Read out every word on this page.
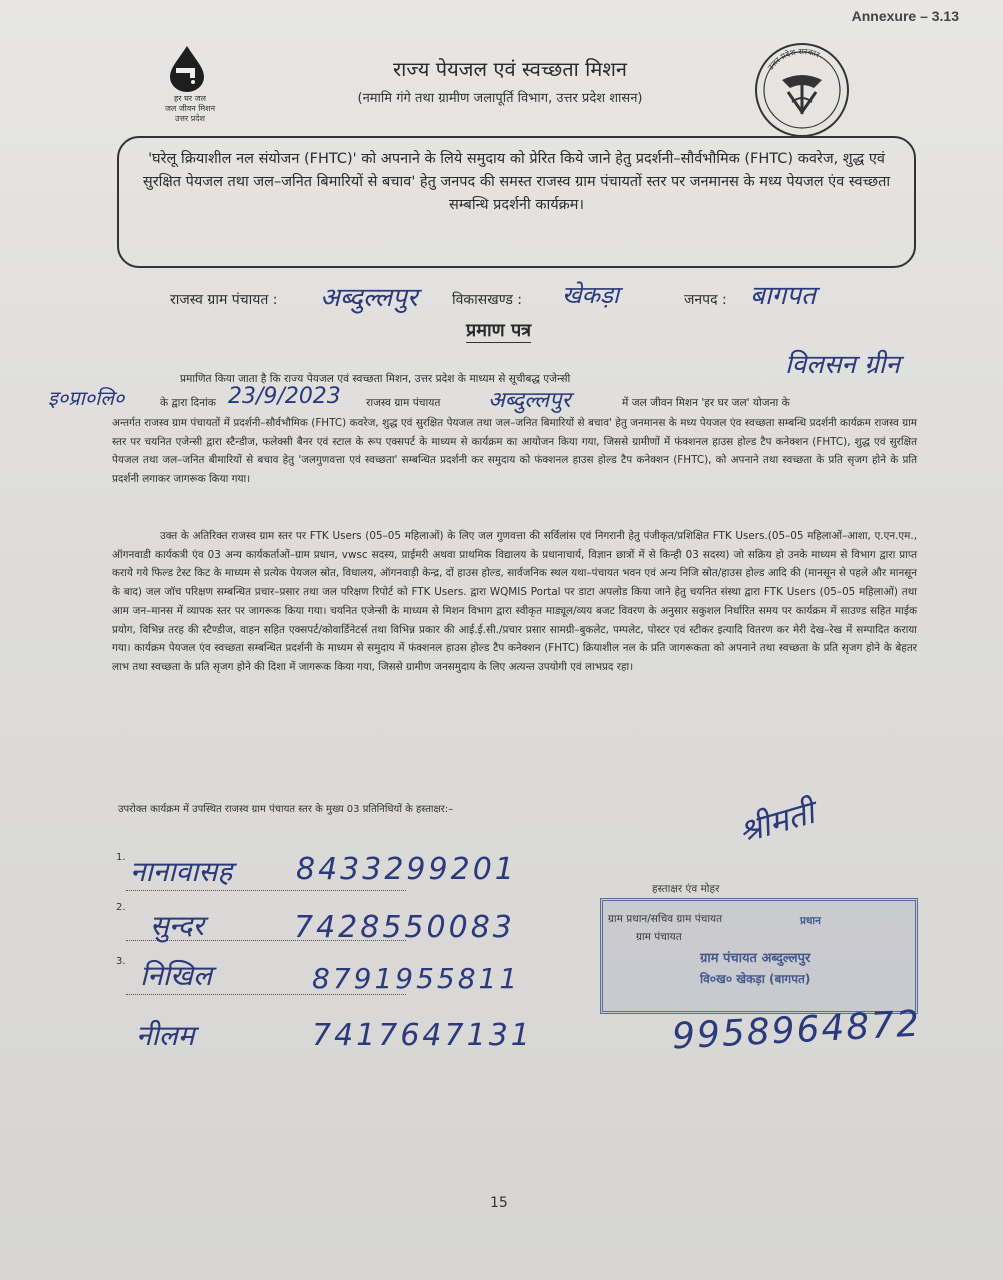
Annexure – 3.13
हर घर जल
जल जीवन मिशन
उत्तर प्रदेश
उत्तर प्रदेश सरकार
राज्य पेयजल एवं स्वच्छता मिशन
(नमामि गंगे तथा ग्रामीण जलापूर्ति विभाग, उत्तर प्रदेश शासन)

'घरेलू क्रियाशील नल संयोजन (FHTC)' को अपनाने के लिये समुदाय को प्रेरित किये जाने हेतु प्रदर्शनी–सौर्वभौमिक (FHTC) कवरेज, शुद्ध एवं सुरक्षित पेयजल तथा जल–जनित बिमारियों से बचाव' हेतु जनपद की समस्त राजस्व ग्राम पंचायतों स्तर पर जनमानस के मध्य पेयजल एंव स्वच्छता सम्बन्धि प्रदर्शनी कार्यक्रम।

राजस्व ग्राम पंचायत : अब्दुल्लपुर विकासखण्ड : खेकड़ा	जनपद : बागपत
प्रमाण पत्र
प्रमाणित किया जाता है कि राज्य पेयजल एवं स्वच्छता मिशन, उत्तर प्रदेश के माध्यम से सूचीबद्ध एजेन्सी	विलसन ग्रीन
इ०प्रा०लि०	के द्वारा दिनांक 23/9/2023 राजस्व ग्राम पंचायत अब्दुल्लपुर	में जल जीवन मिशन 'हर घर जल' योजना के

अन्तर्गत राजस्व ग्राम पंचायतों में प्रदर्शनी–सौर्वभौमिक (FHTC) कवरेज, शुद्ध एवं सुरक्षित पेयजल तथा जल–जनित बिमारियों से बचाव' हेतु जनमानस के मध्य पेयजल एंव स्वच्छता सम्बन्धि प्रदर्शनी कार्यक्रम राजस्व ग्राम स्तर पर चयनित एजेन्सी द्वारा स्टैन्डीज, फलेक्सी बैनर एवं स्टाल के रूप एक्सपर्ट के माध्यम से कार्यक्रम का आयोजन किया गया, जिससे ग्रामीणों में फंक्शनल हाउस होल्ड टैप कनेक्शन (FHTC), शुद्ध एवं सुरक्षित पेयजल तथा जल–जनित बीमारियों से बचाव हेतु 'जलगुणवत्ता एवं स्वच्छता' सम्बन्धित प्रदर्शनी कर समुदाय को फंक्शनल हाउस होल्ड टैप कनेक्शन (FHTC), को अपनाने तथा स्वच्छता के प्रति सृजग होने के प्रति प्रदर्शनी लगाकर जागरूक किया गया।

उक्त के अतिरिक्त राजस्व ग्राम स्तर पर FTK Users (05–05 महिलाओं) के लिए जल गुणवत्ता की सर्विलांस एवं निगरानी हेतु पंजीकृत/प्रशिक्षित FTK Users.(05–05 महिलाओं–आशा, ए.एन.एम., ऑगनवाडी कार्यकत्री एंव 03 अन्य कार्यकर्ताओं–ग्राम प्रधान, vwsc सदस्य, प्राईमरी अथवा प्राथमिक विद्यालय के प्रधानाचार्य, विज्ञान छात्रों में से किन्ही 03 सदस्य) जो सक्रिय हो उनके माध्यम से विभाग द्वारा प्राप्त कराये गये फिल्ड टेस्ट किट के माध्यम से प्रत्येक पेयजल स्रोत, विधालय, ऑगनवाड़ी केन्द्र, दों हाउस होल्ड, सार्वजनिक स्थल यथा–पंचायत भवन एवं अन्य निजि स्रोत/हाउस होल्ड आदि की (मानसून से पहले और मानसून के बाद) जल जॉच परिक्षण सम्बन्धित प्रचार–प्रसार तथा जल परिक्षण रिपोर्ट को FTK Users. द्वारा WQMIS Portal पर डाटा अपलोड किया जाने हेतु चयनित संस्था द्वारा FTK Users (05–05 महिलाओं) तथा आम जन–मानस में व्यापक स्तर पर जागरूक किया गया। चयनित एजेन्सी के माध्यम से मिशन विभाग द्वारा स्वीकृत माड्यूल/व्यय बजट विवरण के अनुसार सकुशल निर्धारित समय पर कार्यक्रम में साउण्ड सहित माईक प्रयोग, विभिन्न तरह की स्टैण्डीज, वाहन सहित एक्सपर्ट/कोवार्डिनेटर्स तथा विभिन्न प्रकार की आई.ई.सी./प्रचार प्रसार सामग्री–बुकलेट, पम्पलेट, पोस्टर एवं स्टीकर इत्यादि वितरण कर मेरी देख–रेख में सम्पादित कराया गया। कार्यक्रम पेयजल एंव स्वच्छता सम्बन्धित प्रदर्शनी के माध्यम से समुदाय में फंक्शनल हाउस होल्ड टैप कनेक्शन (FHTC) क्रियाशील नल के प्रति जागरूकता को अपनाने तथा स्वच्छता के प्रति सृजग होने के बेहतर लाभ तथा स्वच्छता के प्रति सृजग होने की दिशा में जागरूक किया गया, जिससे ग्रामीण जनसमुदाय के लिए अत्यन्त उपयोगी एवं लाभप्रद रहा।

उपरोक्त कार्यक्रम में उपस्थित राजस्व ग्राम पंचायत स्तर के मुख्य 03 प्रतिनिधियों के हस्ताक्षर:–
1. नानावासह 8433299201
2.
सुन्दर	7428550083
3. निखिल	8791955811
नीलम	7417647131
श्रीमती
हस्ताक्षर एंव मोहर
ग्राम प्रधान/सचिव ग्राम पंचायत
ग्राम पंचायत
प्रधान
ग्राम पंचायत अब्दुल्लपुर
वि०ख० खेकड़ा (बागपत)
9958964872
15
